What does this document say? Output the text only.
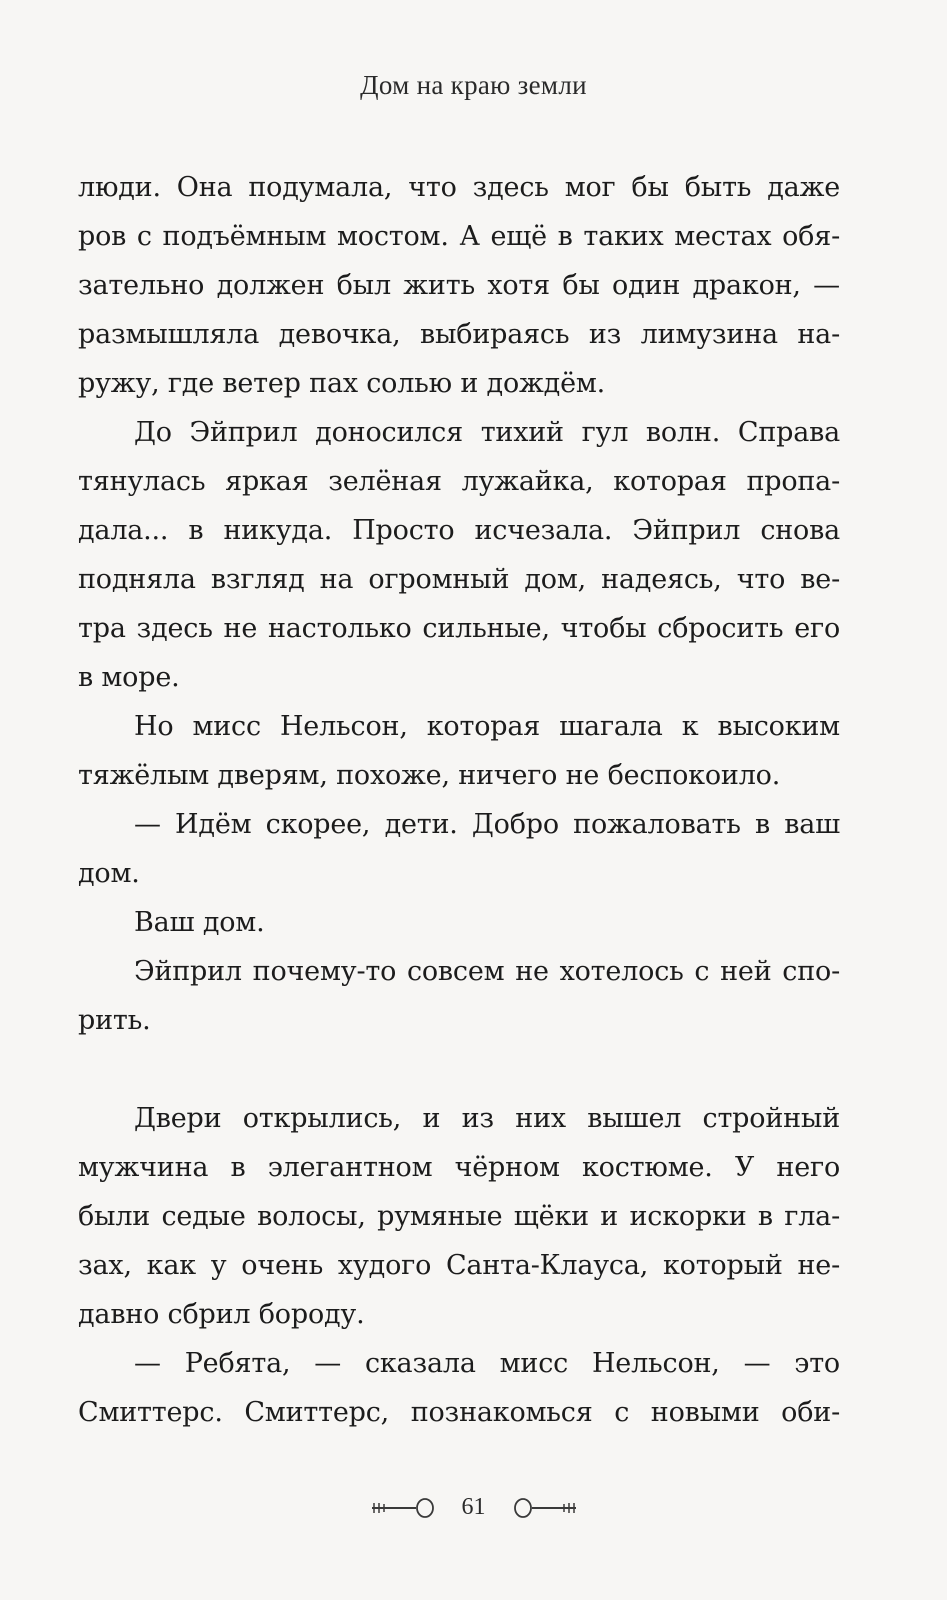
Дом на краю земли
люди. Она подумала, что здесь мог бы быть даже
ров с подъёмным мостом. А ещё в таких местах обя-
зательно должен был жить хотя бы один дракон, —
размышляла девочка, выбираясь из лимузина на-
ружу, где ветер пах солью и дождём.
До Эйприл доносился тихий гул волн. Справа
тянулась яркая зелёная лужайка, которая пропа-
дала... в никуда. Просто исчезала. Эйприл снова
подняла взгляд на огромный дом, надеясь, что ве-
тра здесь не настолько сильные, чтобы сбросить его
в море.
Но мисс Нельсон, которая шагала к высоким
тяжёлым дверям, похоже, ничего не беспокоило.
— Идём скорее, дети. Добро пожаловать в ваш
дом.
Ваш дом.
Эйприл почему-то совсем не хотелось с ней спо-
рить.
Двери открылись, и из них вышел стройный
мужчина в элегантном чёрном костюме. У него
были седые волосы, румяные щёки и искорки в гла-
зах, как у очень худого Санта-Клауса, который не-
давно сбрил бороду.
— Ребята, — сказала мисс Нельсон, — это
Смиттерс. Смиттерс, познакомься с новыми оби-
61
